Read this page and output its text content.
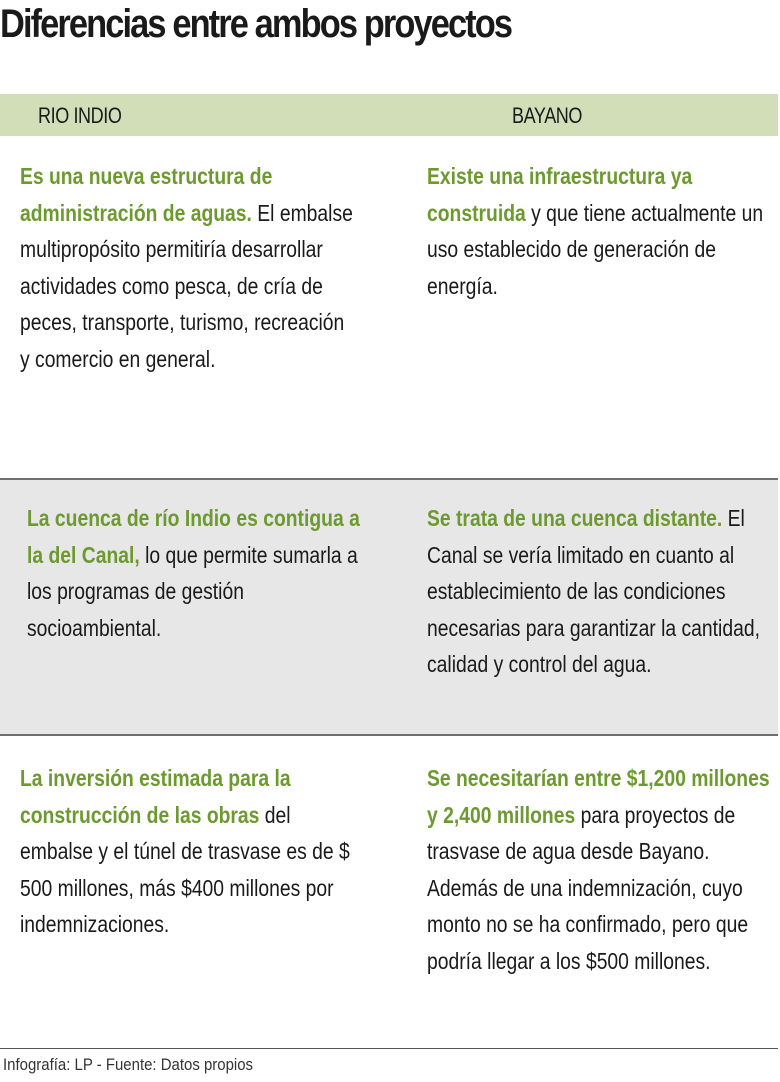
Diferencias entre ambos proyectos
RIO INDIO	BAYANO
Es una nueva estructura de administración de aguas. El embalse multipropósito permitiría desarrollar actividades como pesca, de cría de peces, transporte, turismo, recreación y comercio en general.
Existe una infraestructura ya construida y que tiene actualmente un uso establecido de generación de energía.
La cuenca de río Indio es contigua a la del Canal, lo que permite sumarla a los programas de gestión socioambiental.
Se trata de una cuenca distante. El Canal se vería limitado en cuanto al establecimiento de las condiciones necesarias para garantizar la cantidad, calidad y control del agua.
La inversión estimada para la construcción de las obras del embalse y el túnel de trasvase es de $ 500 millones, más $400 millones por indemnizaciones.
Se necesitarían entre $1,200 millones y 2,400 millones para proyectos de trasvase de agua desde Bayano. Además de una indemnización, cuyo monto no se ha confirmado, pero que podría llegar a los $500 millones.
Infografía: LP - Fuente: Datos propios
